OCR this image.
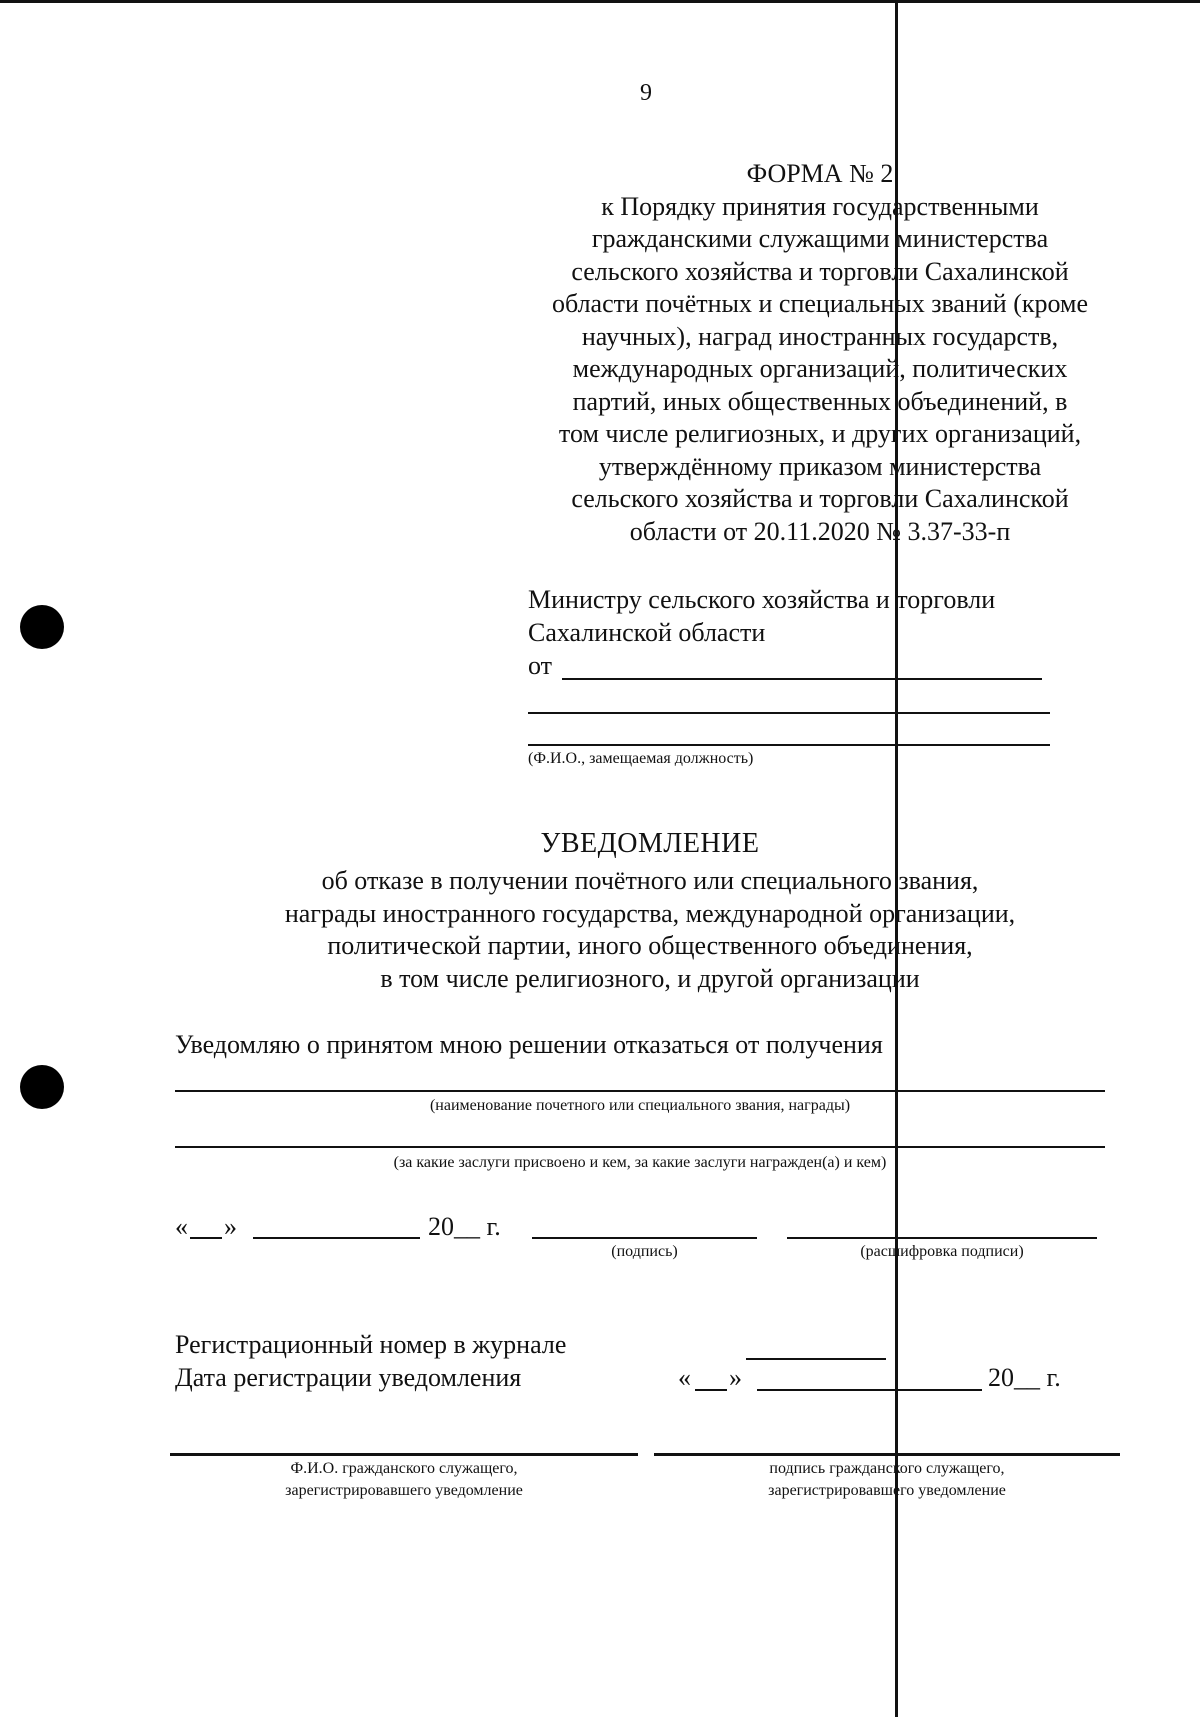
9
ФОРМА № 2
к Порядку принятия государственными
гражданскими служащими министерства
сельского хозяйства и торговли Сахалинской
области почётных и специальных званий (кроме
научных), наград иностранных государств,
международных организаций, политических
партий, иных общественных объединений, в
том числе религиозных, и других организаций,
утверждённому приказом министерства
сельского хозяйства и торговли Сахалинской
области от 20.11.2020 № 3.37-33-п
Министру сельского хозяйства и торговли
Сахалинской области
от
(Ф.И.О., замещаемая должность)
УВЕДОМЛЕНИЕ
об отказе в получении почётного или специального звания,
награды иностранного государства, международной организации,
политической партии, иного общественного объединения,
в том числе религиозного, и другой организации
Уведомляю о принятом мною решении отказаться от получения
(наименование почетного или специального звания, награды)
(за какие заслуги присвоено и кем, за какие заслуги награжден(а) и кем)
« »	20__ г.
(подпись)	(расшифровка подписи)
Регистрационный номер в журнале
Дата регистрации уведомления	« »	20__ г.
Ф.И.О. гражданского служащего,
зарегистрировавшего уведомление
подпись гражданского служащего,
зарегистрировавшего уведомление
